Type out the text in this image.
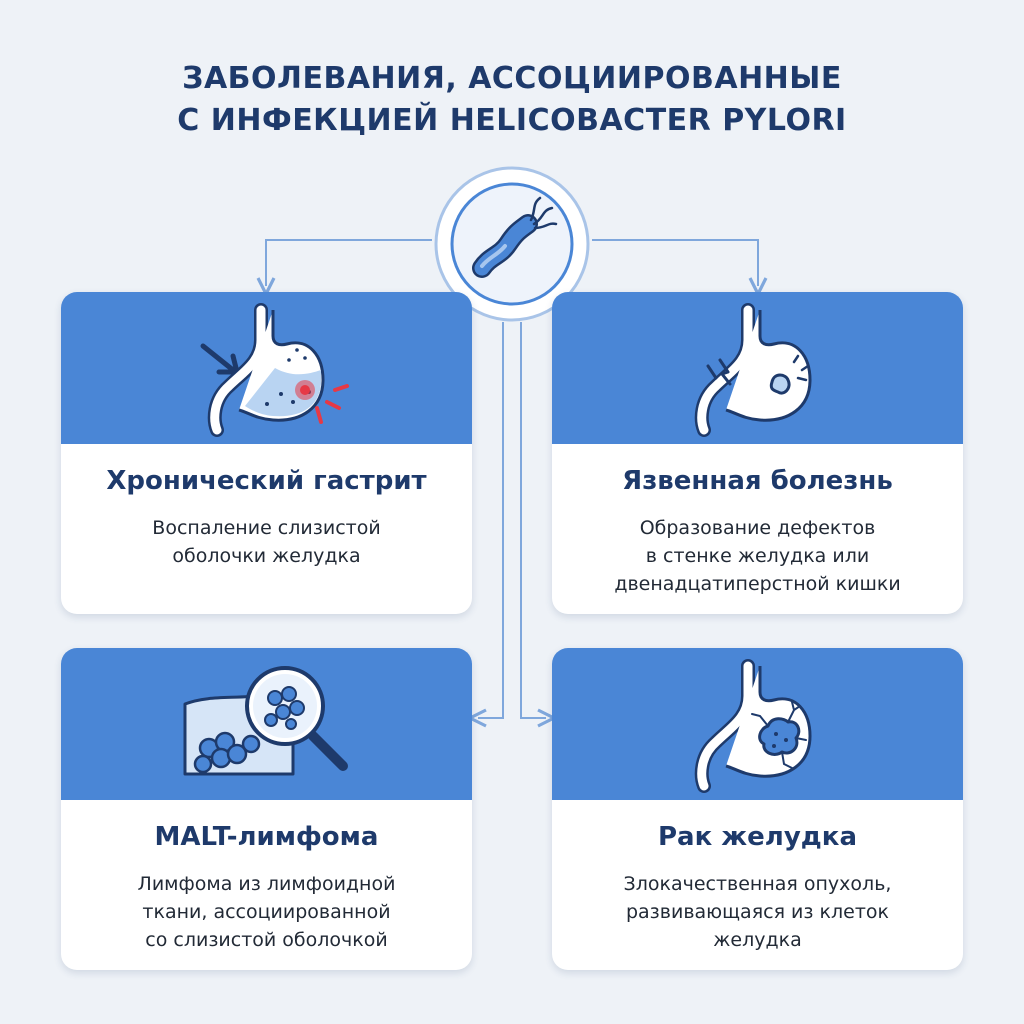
ЗАБОЛЕВАНИЯ, АССОЦИИРОВАННЫЕ
С ИНФЕКЦИЕЙ HELICOBACTER PYLORI
Хронический гастрит
Воспаление слизистой
оболочки желудка
Язвенная болезнь
Образование дефектов
в стенке желудка или
двенадцатиперстной кишки
MALT-лимфома
Лимфома из лимфоидной
ткани, ассоциированной
со слизистой оболочкой
Рак желудка
Злокачественная опухоль,
развивающаяся из клеток
желудка
